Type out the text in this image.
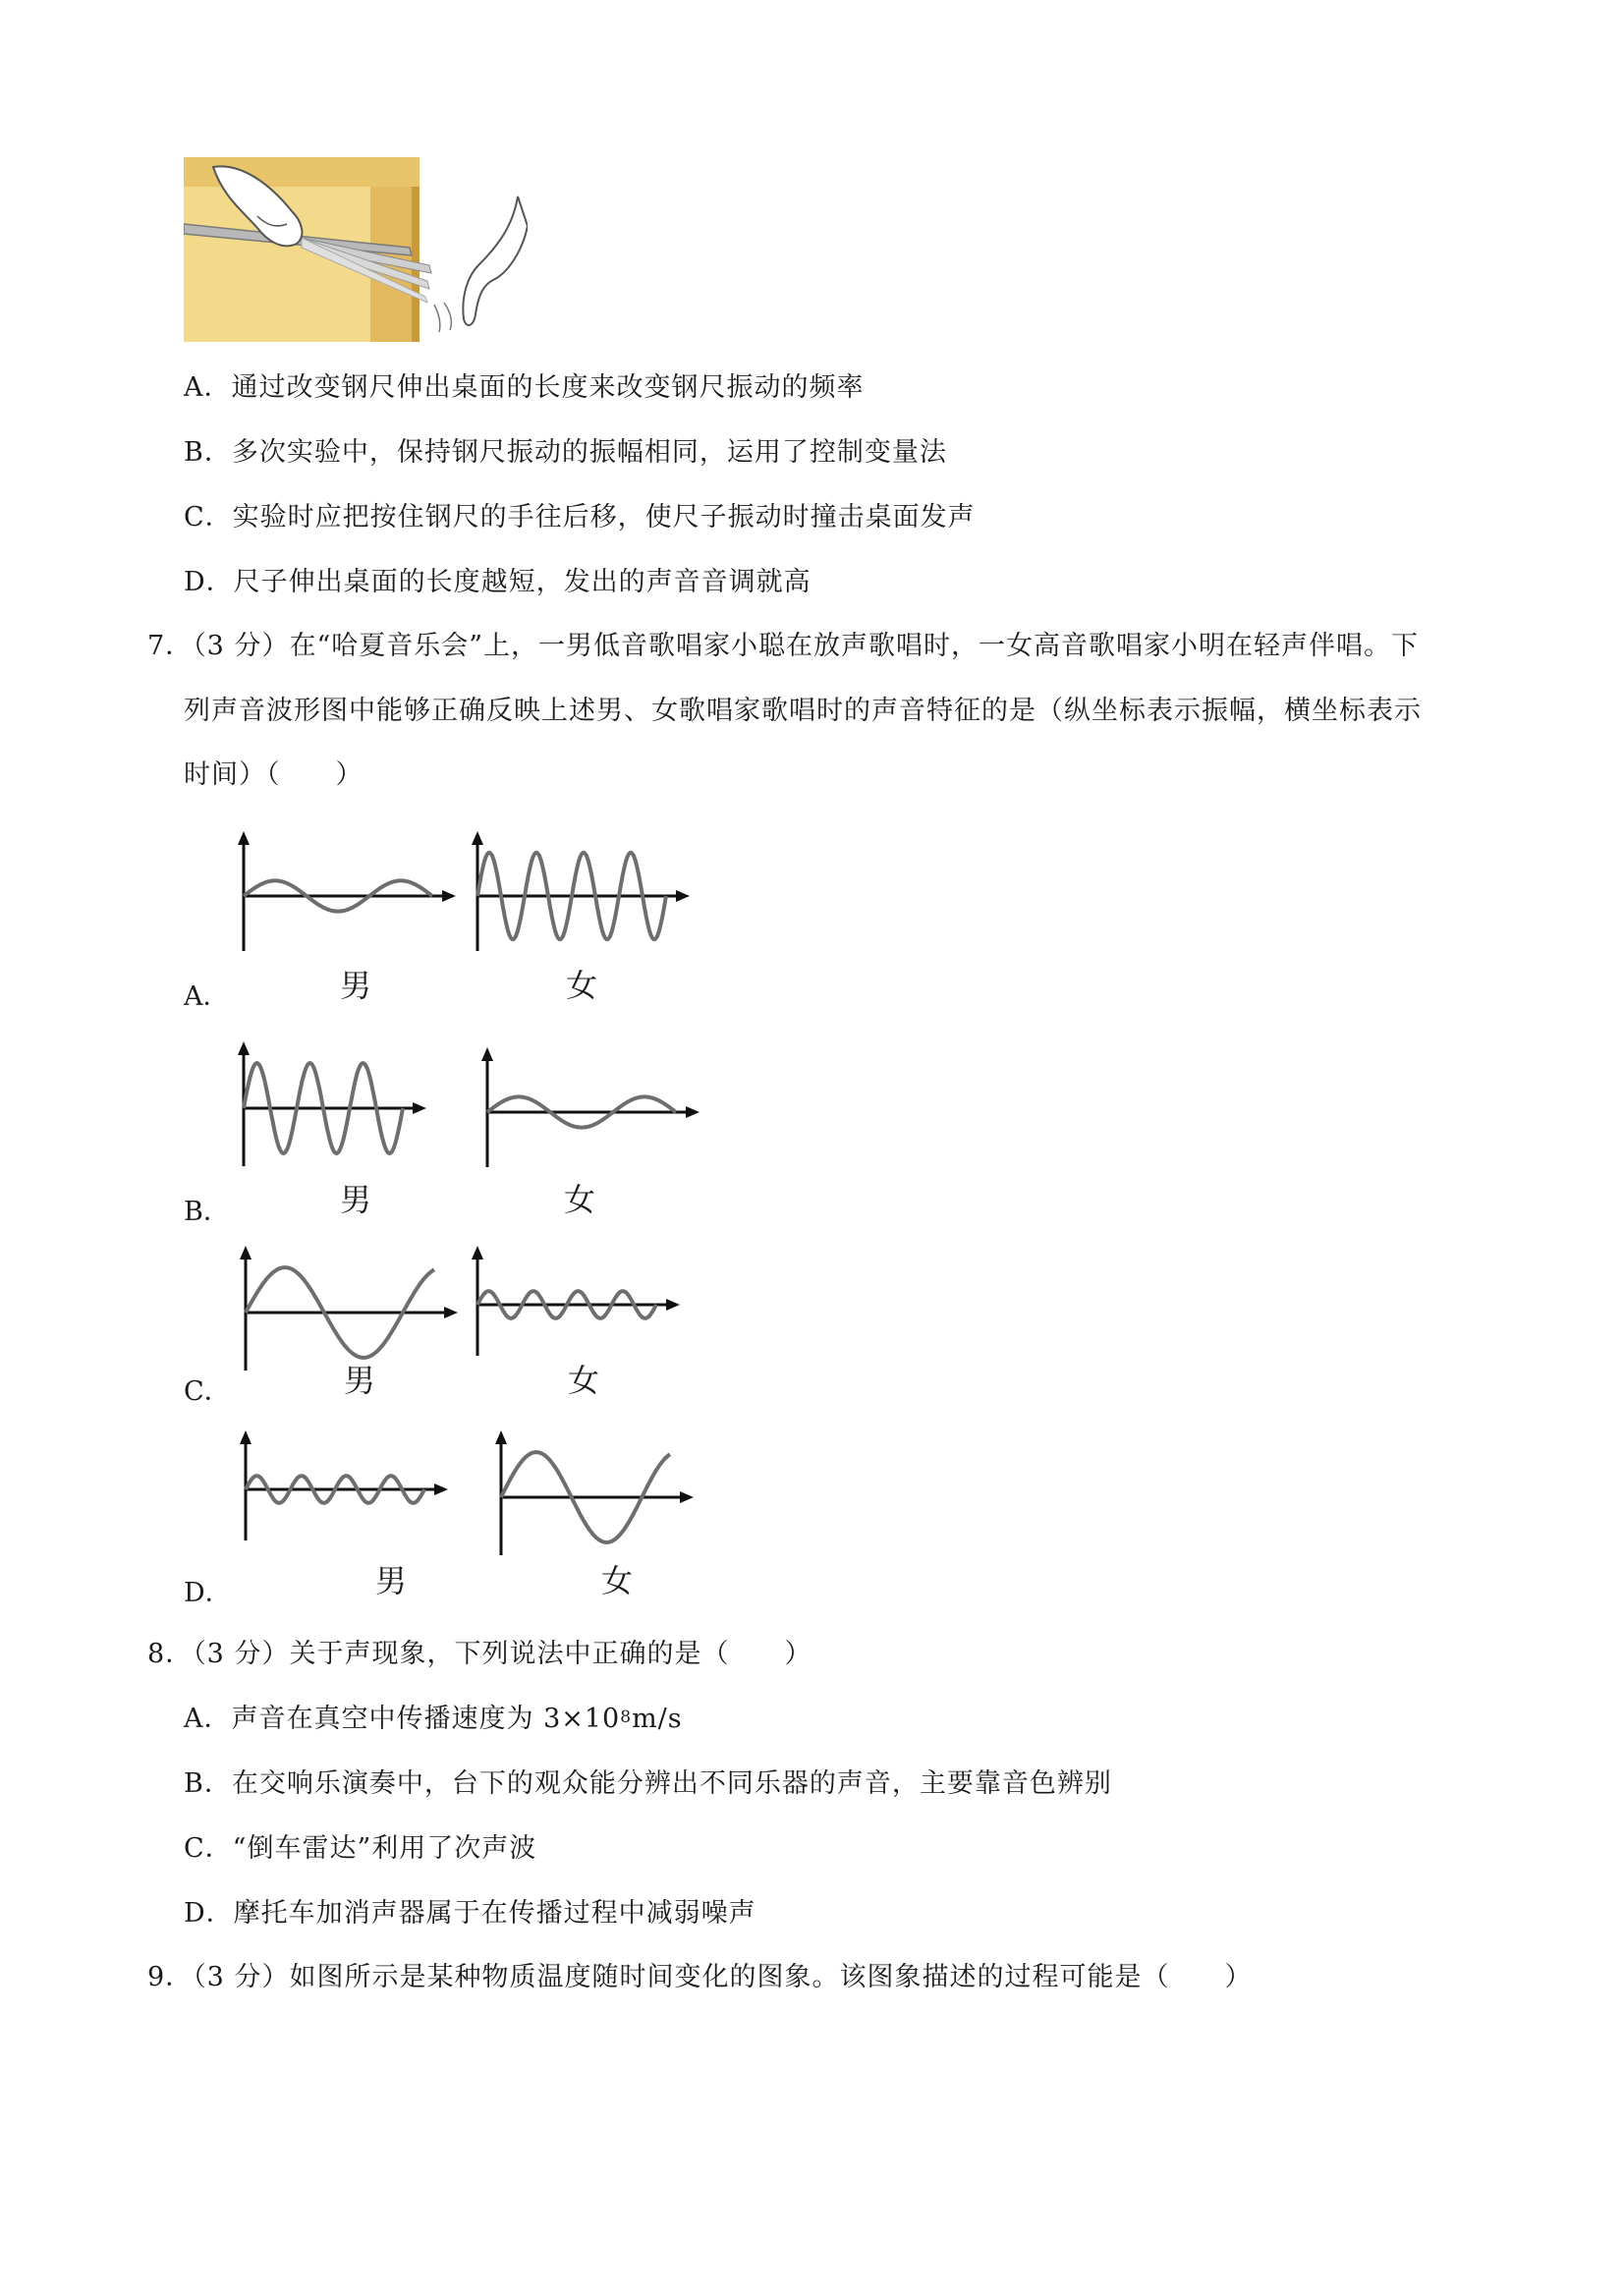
A．通过改变钢尺伸出桌面的长度来改变钢尺振动的频率
B．多次实验中，保持钢尺振动的振幅相同，运用了控制变量法
C．实验时应把按住钢尺的手往后移，使尺子振动时撞击桌面发声
D．尺子伸出桌面的长度越短，发出的声音音调就高
7．（3 分）在“哈夏音乐会”上，一男低音歌唱家小聪在放声歌唱时，一女高音歌唱家小明在轻声伴唱。下
列声音波形图中能够正确反映上述男、女歌唱家歌唱时的声音特征的是（纵坐标表示振幅，横坐标表示
时间）（　　）
A．	男	女
B．	男	女
C．	男	女
D．	男	女
8．（3 分）关于声现象，下列说法中正确的是（　　）
A．声音在真空中传播速度为 $3\times 10^8m/s$
B．在交响乐演奏中，台下的观众能分辨出不同乐器的声音，主要靠音色辨别
C．“倒车雷达”利用了次声波
D．摩托车加消声器属于在传播过程中减弱噪声
9．（3 分）如图所示是某种物质温度随时间变化的图象。该图象描述的过程可能是（　　）
